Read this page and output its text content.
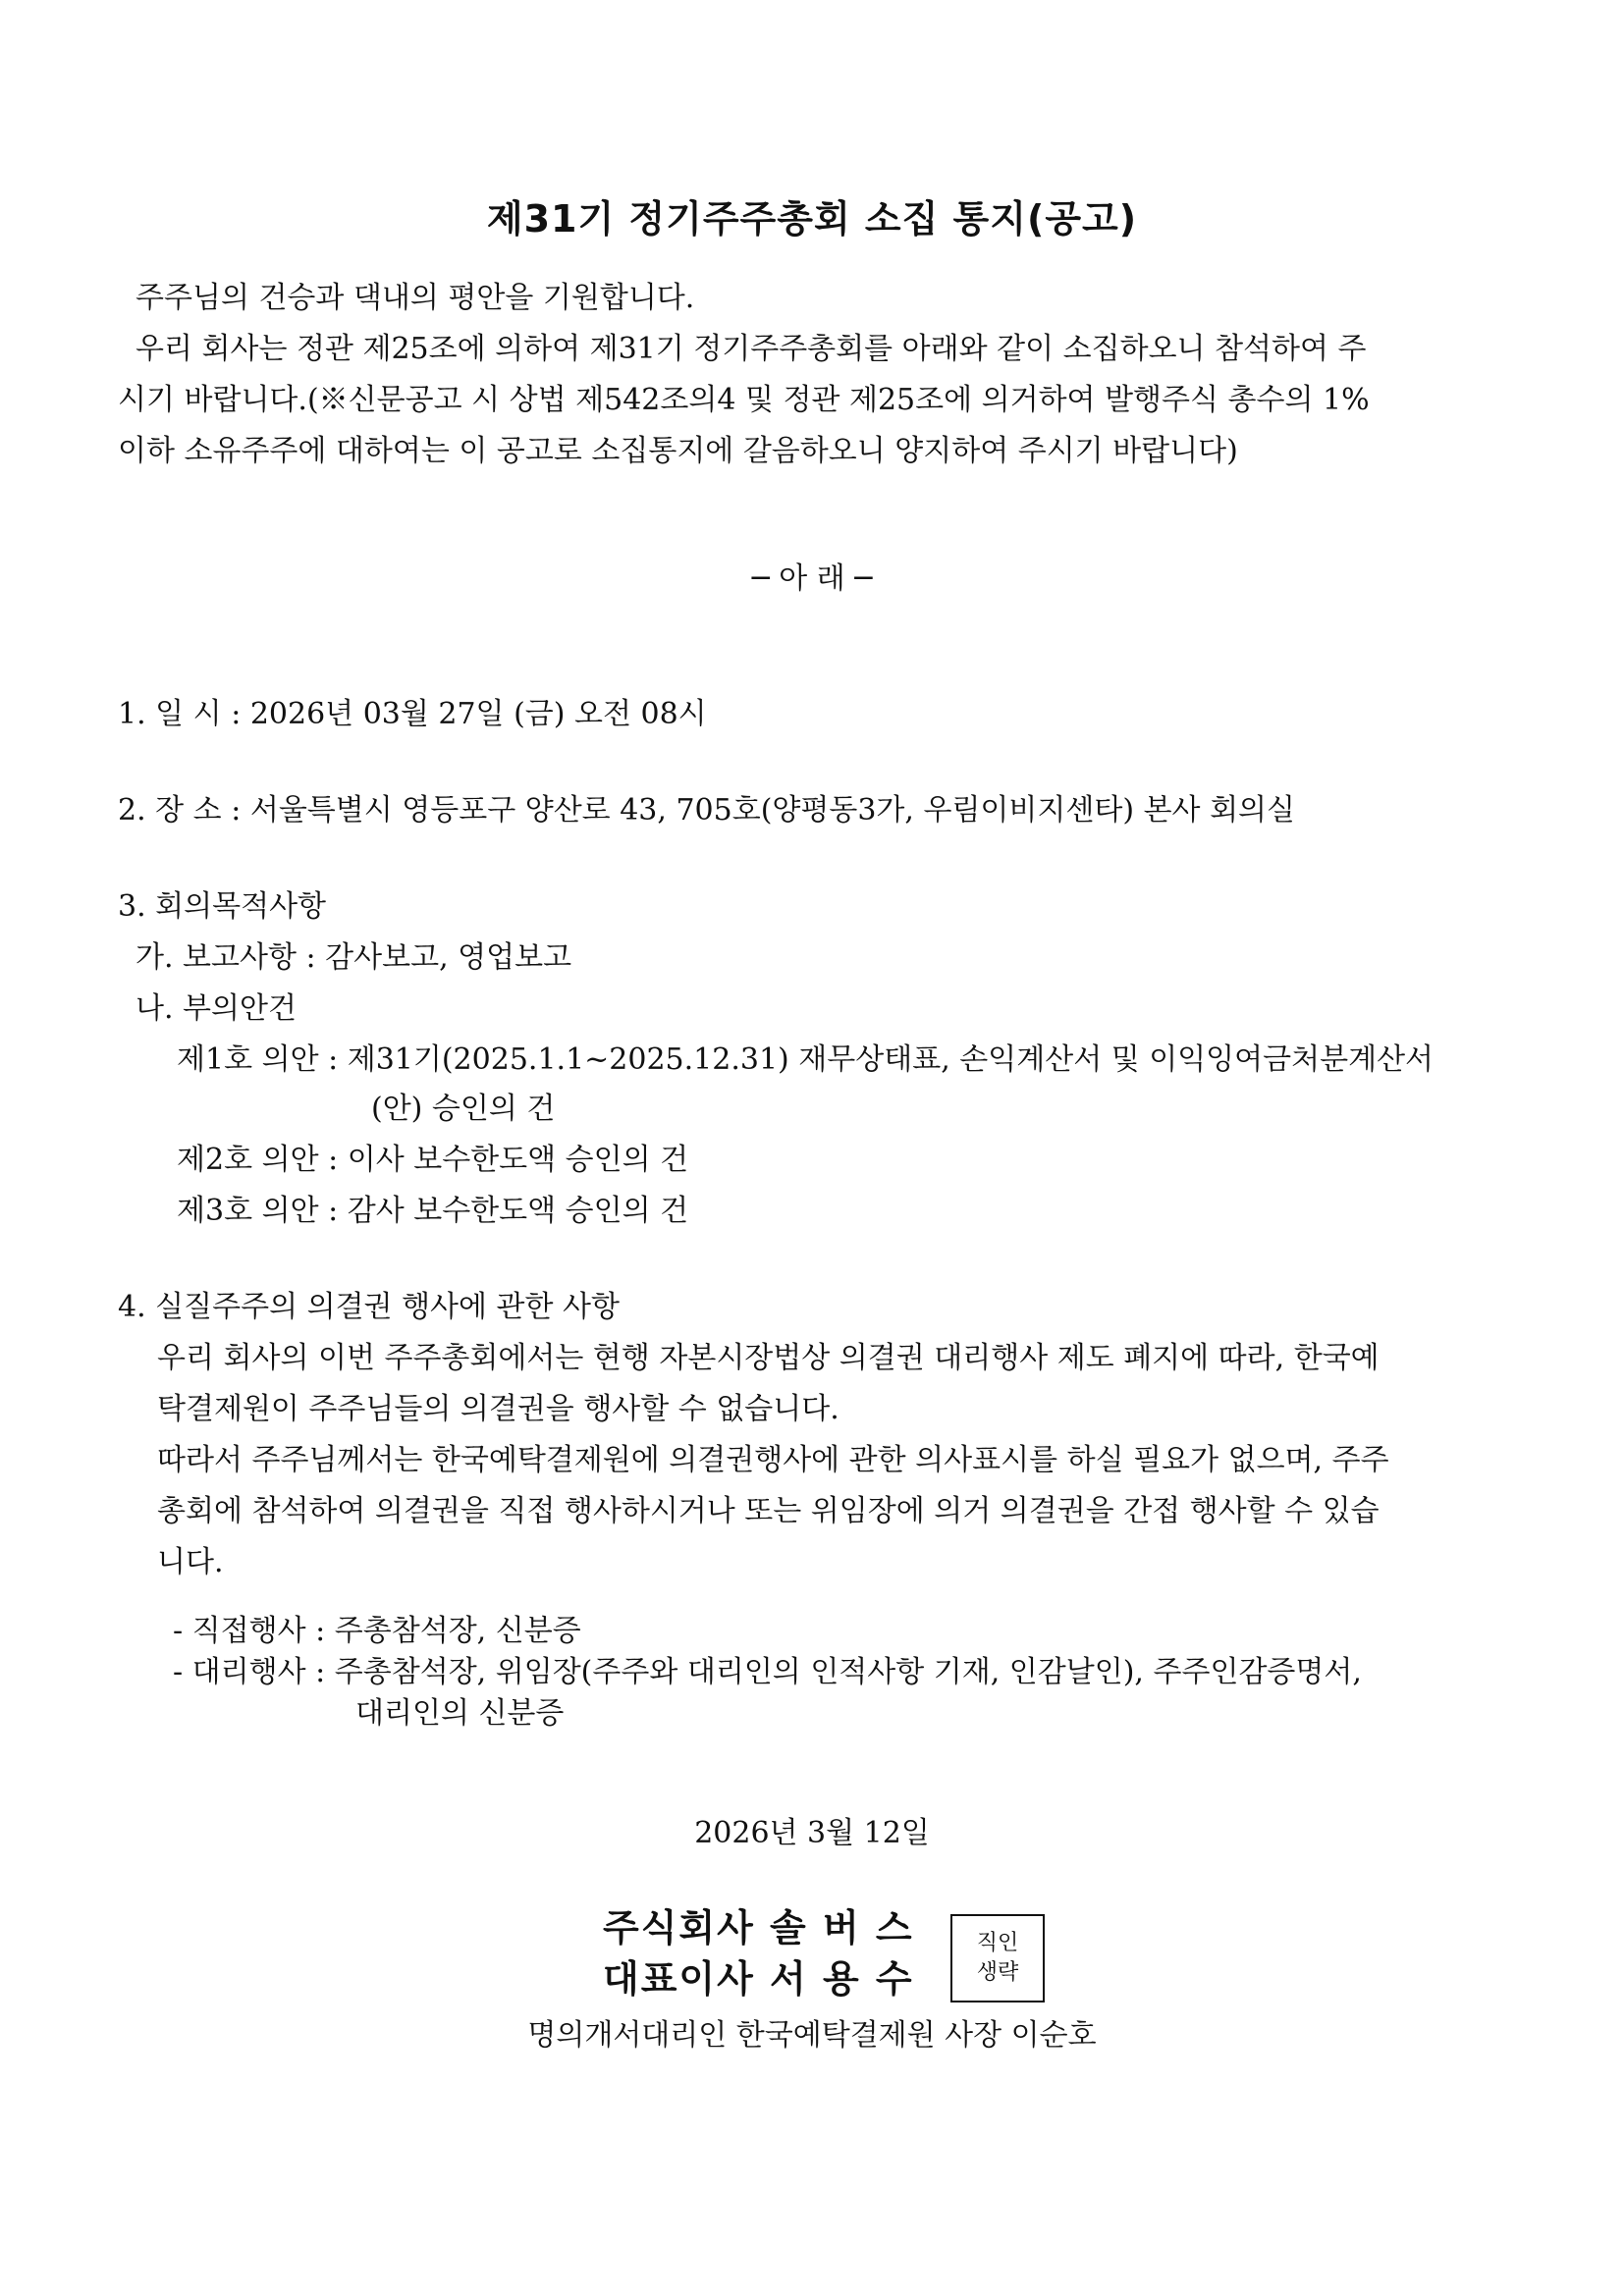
제31기 정기주주총회 소집 통지(공고)
주주님의 건승과 댁내의 평안을 기원합니다.
우리 회사는 정관 제25조에 의하여 제31기 정기주주총회를 아래와 같이 소집하오니 참석하여 주
시기 바랍니다.(※신문공고 시 상법 제542조의4 및 정관 제25조에 의거하여 발행주식 총수의 1%
이하 소유주주에 대하여는 이 공고로 소집통지에 갈음하오니 양지하여 주시기 바랍니다)
─ 아 래 ─
1. 일 시 : 2026년 03월 27일 (금) 오전 08시
2. 장 소 : 서울특별시 영등포구 양산로 43, 705호(양평동3가, 우림이비지센타) 본사 회의실
3. 회의목적사항
가. 보고사항 : 감사보고, 영업보고
나. 부의안건
제1호 의안 : 제31기(2025.1.1~2025.12.31) 재무상태표, 손익계산서 및 이익잉여금처분계산서
(안) 승인의 건
제2호 의안 : 이사 보수한도액 승인의 건
제3호 의안 : 감사 보수한도액 승인의 건
4. 실질주주의 의결권 행사에 관한 사항
우리 회사의 이번 주주총회에서는 현행 자본시장법상 의결권 대리행사 제도 폐지에 따라, 한국예
탁결제원이 주주님들의 의결권을 행사할 수 없습니다.
따라서 주주님께서는 한국예탁결제원에 의결권행사에 관한 의사표시를 하실 필요가 없으며, 주주
총회에 참석하여 의결권을 직접 행사하시거나 또는 위임장에 의거 의결권을 간접 행사할 수 있습
니다.
- 직접행사 : 주총참석장, 신분증
- 대리행사 : 주총참석장, 위임장(주주와 대리인의 인적사항 기재, 인감날인), 주주인감증명서,
대리인의 신분증
2026년 3월 12일
주식회사 솔 버 스
대표이사 서 용 수
직인
생략
명의개서대리인 한국예탁결제원 사장 이순호
